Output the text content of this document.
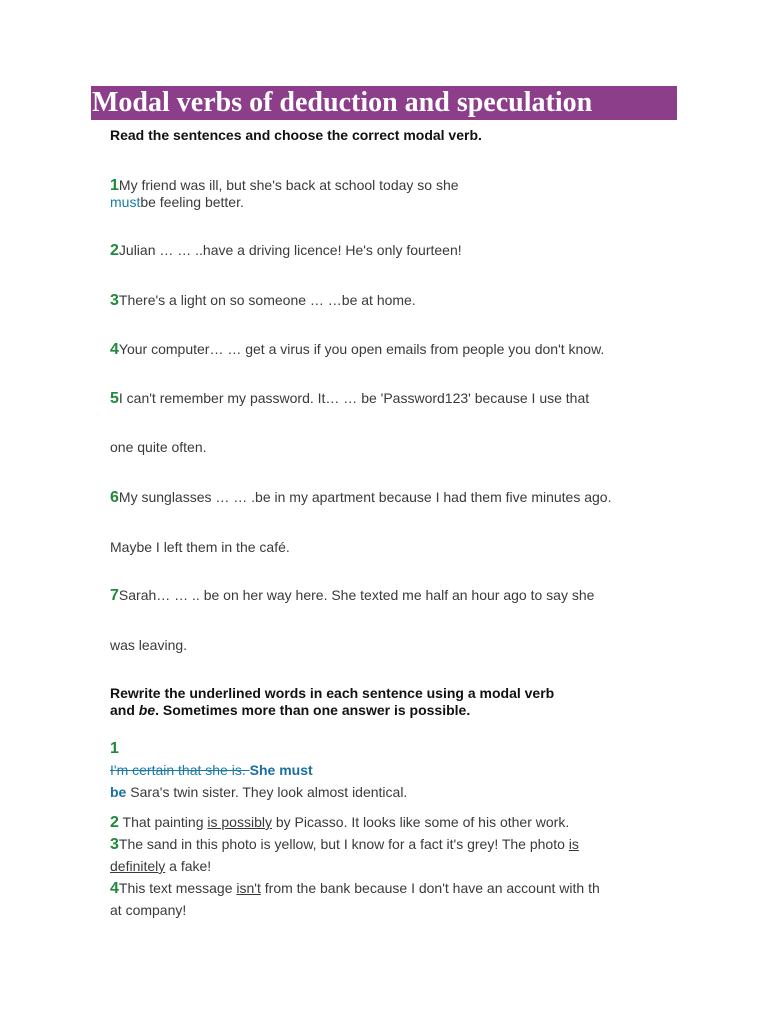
Modal verbs of deduction and speculation
Read the sentences and choose the correct modal verb.
1My friend was ill, but she's back at school today so she
mustbe feeling better.
2Julian … … ..have a driving licence! He's only fourteen!
3There's a light on so someone … …be at home.
4Your computer… … get a virus if you open emails from people you don't know.
5I can't remember my password. It… … be 'Password123' because I use that
one quite often.
6My sunglasses … … .be in my apartment because I had them five minutes ago.
Maybe I left them in the café.
7Sarah… … .. be on her way here. She texted me half an hour ago to say she
was leaving.
Rewrite the underlined words in each sentence using a modal verb
and be. Sometimes more than one answer is possible.
1
I'm certain that she is. She must
be Sara's twin sister. They look almost identical.
2 That painting is possibly by Picasso. It looks like some of his other work.
3The sand in this photo is yellow, but I know for a fact it's grey! The photo is
definitely a fake!
4This text message isn't from the bank because I don't have an account with th
at company!
